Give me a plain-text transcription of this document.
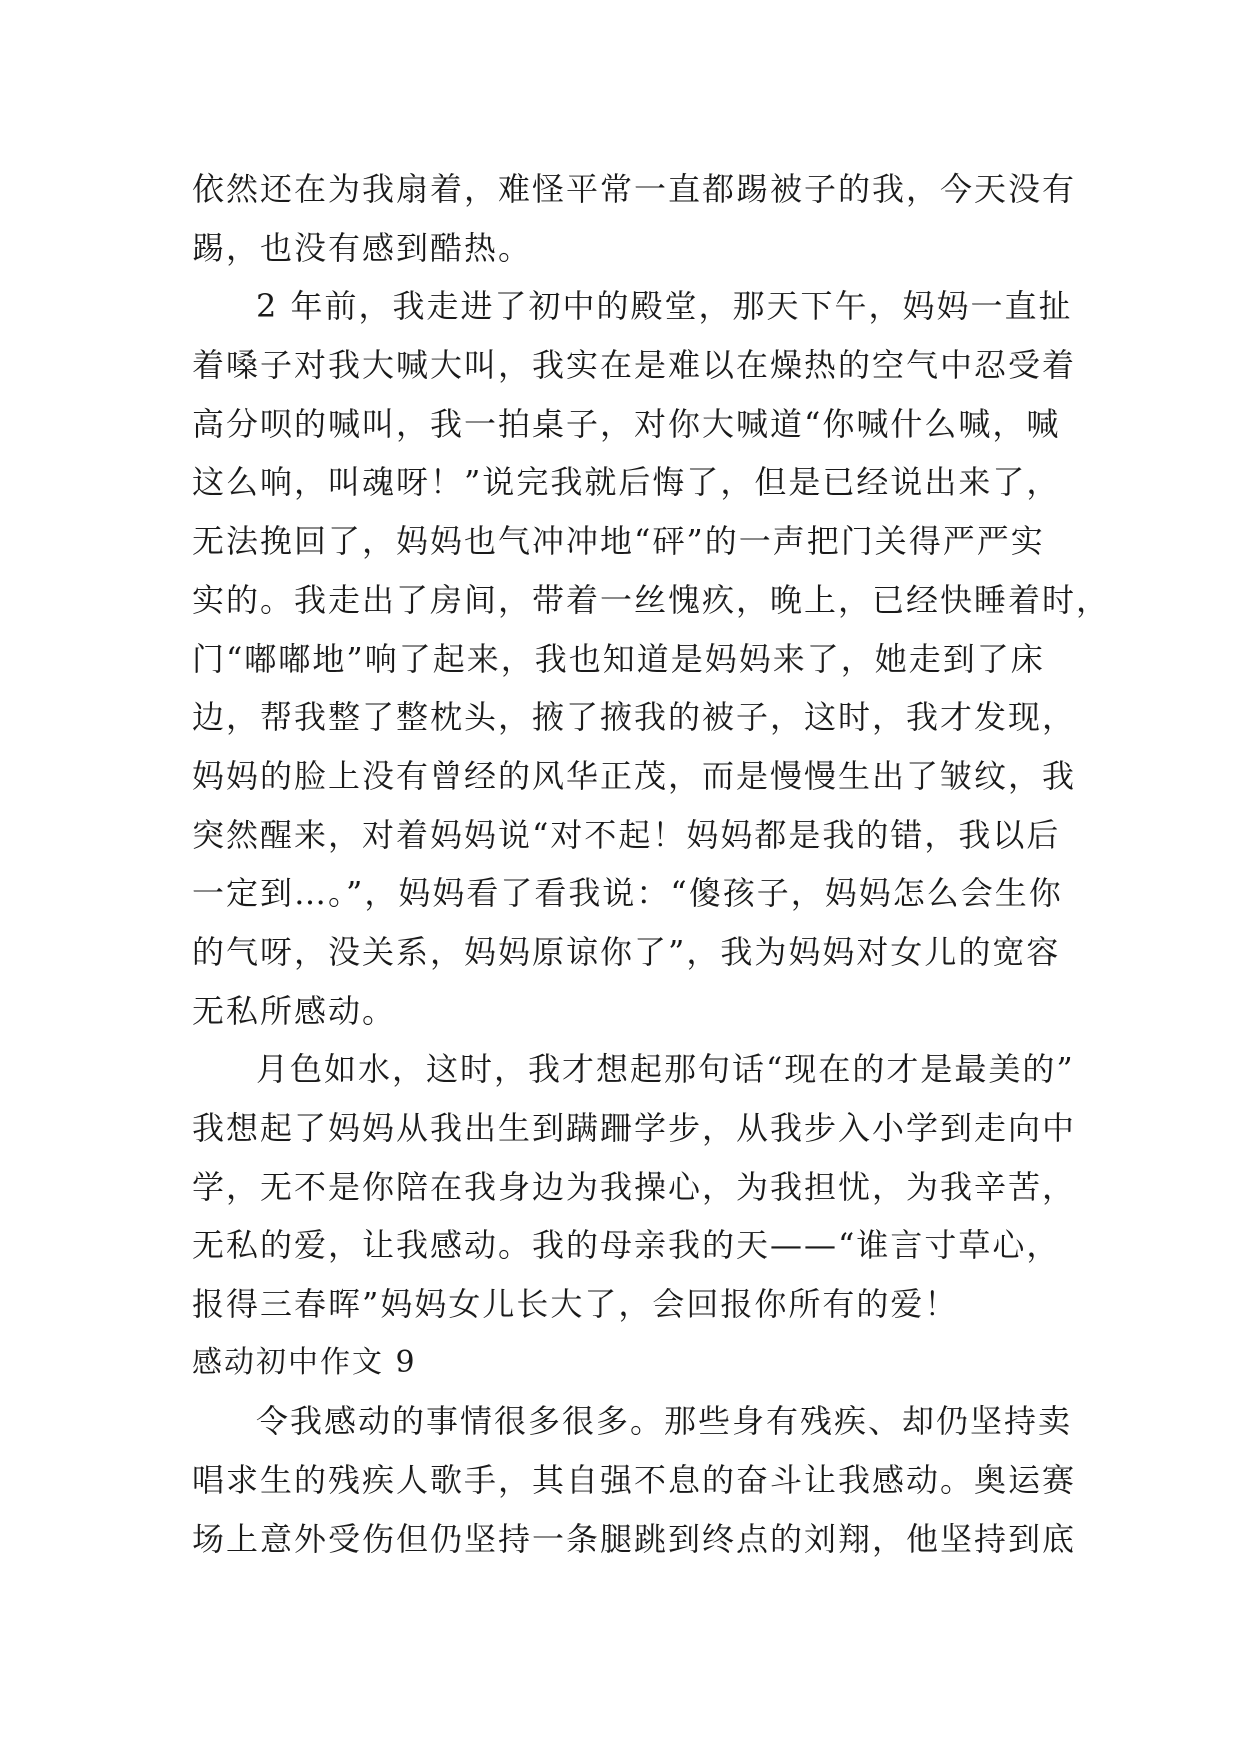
依然还在为我扇着，难怪平常一直都踢被子的我，今天没有
踢，也没有感到酷热。
2 年前，我走进了初中的殿堂，那天下午，妈妈一直扯
着嗓子对我大喊大叫，我实在是难以在燥热的空气中忍受着
高分呗的喊叫，我一拍桌子，对你大喊道“你喊什么喊，喊
这么响，叫魂呀！”说完我就后悔了，但是已经说出来了，
无法挽回了，妈妈也气冲冲地“砰”的一声把门关得严严实
实的。我走出了房间，带着一丝愧疚，晚上，已经快睡着时，
门“嘟嘟地”响了起来，我也知道是妈妈来了，她走到了床
边，帮我整了整枕头，掖了掖我的被子，这时，我才发现，
妈妈的脸上没有曾经的风华正茂，而是慢慢生出了皱纹，我
突然醒来，对着妈妈说“对不起！妈妈都是我的错，我以后
一定到…。”，妈妈看了看我说：“傻孩子，妈妈怎么会生你
的气呀，没关系，妈妈原谅你了”，我为妈妈对女儿的宽容
无私所感动。
月色如水，这时，我才想起那句话“现在的才是最美的”
我想起了妈妈从我出生到蹒跚学步，从我步入小学到走向中
学，无不是你陪在我身边为我操心，为我担忧，为我辛苦，
无私的爱，让我感动。我的母亲我的天——“谁言寸草心，
报得三春晖”妈妈女儿长大了，会回报你所有的爱！
感动初中作文 9
令我感动的事情很多很多。那些身有残疾、却仍坚持卖
唱求生的残疾人歌手，其自强不息的奋斗让我感动。奥运赛
场上意外受伤但仍坚持一条腿跳到终点的刘翔，他坚持到底
